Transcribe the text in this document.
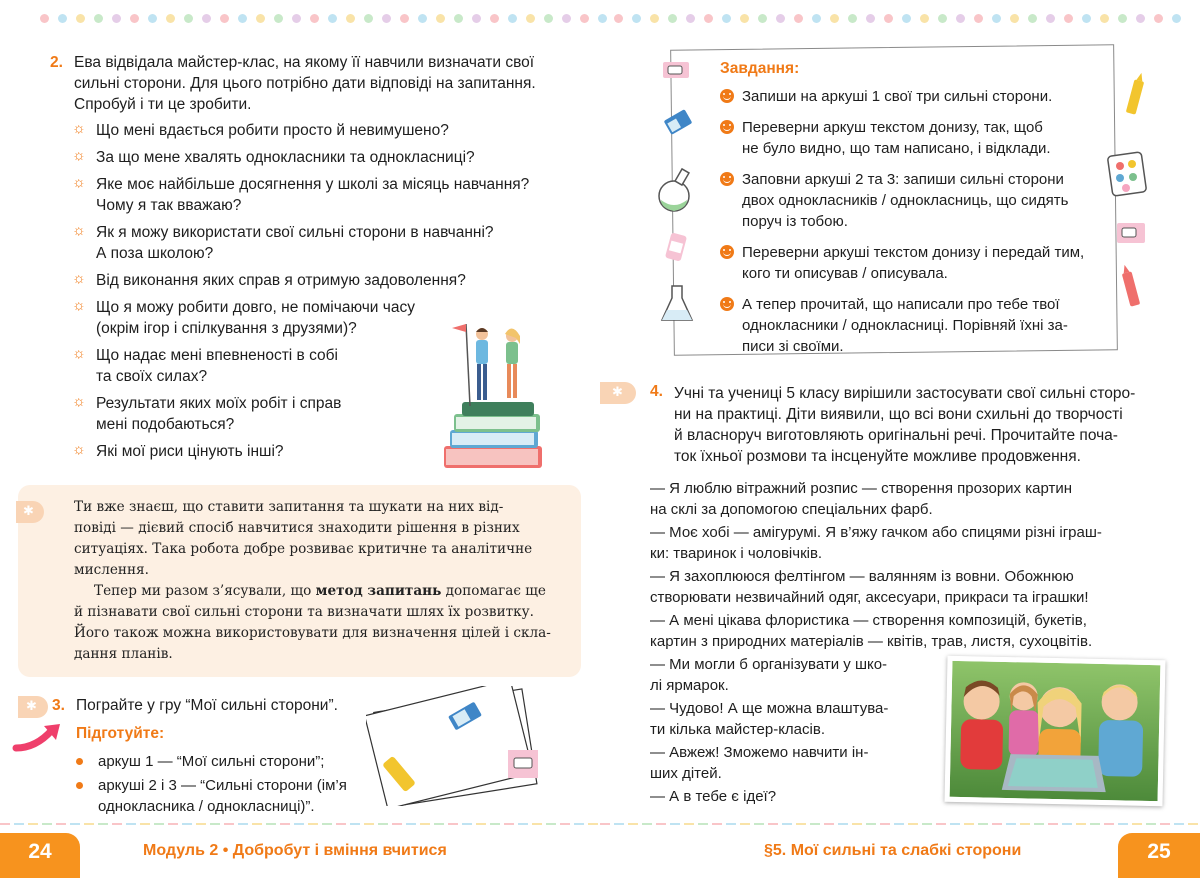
2. Ева відвідала майстер-клас, на якому її навчили визначати свої
сильні сторони. Для цього потрібно дати відповіді на запитання.
Спробуй і ти це зробити.
☼ Що мені вдається робити просто й невимушено?
☼ За що мене хвалять однокласники та однокласниці?
☼ Яке моє найбільше досягнення у школі за місяць навчання?
Чому я так вважаю?
☼ Як я можу використати свої сильні сторони в навчанні?
А поза школою?
☼ Від виконання яких справ я отримую задоволення?
☼ Що я можу робити довго, не помічаючи часу
(окрім ігор і спілкування з друзями)?
☼ Що надає мені впевненості в собі
та своїх силах?
☼ Результати яких моїх робіт і справ
мені подобаються?
☼ Які мої риси цінують інші?
✱	Ти вже знаєш, що ставити запитання та шукати на них від-
повіді — дієвий спосіб навчитися знаходити рішення в різних
ситуаціях. Така робота добре розвиває критичне та аналітичне
мислення.

Тепер ми разом з’ясували, що метод запитань допомагає ще
й пізнавати свої сильні сторони та визначати шлях їх розвитку.
Його також можна використовувати для визначення цілей і скла-
дання планів.

✱ 3. Пограйте у гру “Мої сильні сторони”.
Підготуйте:
аркуш 1 — “Мої сильні сторони”;
аркуші 2 і 3 — “Сильні сторони (ім’я
однокласника / однокласниці)”.
24	Модуль 2 • Добробут і вміння вчитися
Завдання:
Запиши на аркуші 1 свої три сильні сторони.
Переверни аркуш текстом донизу, так, щоб
не було видно, що там написано, і відклади.
Заповни аркуші 2 та 3: запиши сильні сторони
двох однокласників / однокласниць, що сидять
поруч із тобою.
Переверни аркуші текстом донизу і передай тим,
кого ти описував / описувала.
А тепер прочитай, що написали про тебе твої
однокласники / однокласниці. Порівняй їхні за-
писи зі своїми.
✱ 4. Учні та учениці 5 класу вирішили застосувати свої сильні сторо-
ни на практиці. Діти виявили, що всі вони схильні до творчості
й власноруч виготовляють оригінальні речі. Прочитайте почa-
ток їхньої розмови та інсценуйте можливе продовження.
— Я люблю вітражний розпис — створення прозорих картин
на склі за допомогою спеціальних фарб.
— Моє хобі — амігурумі. Я в’яжу гачком або спицями різні іграш-
ки: тваринок і чоловічків.
— Я захоплююся фелтінгом — валянням із вовни. Обожнюю
створювати незвичайний одяг, аксесуари, прикраси та іграшки!
— А мені цікава флористика — створення композицій, букетів,
картин з природних матеріалів — квітів, трав, листя, сухоцвітів.
— Ми могли б організувати у шко-
лі ярмарок.
— Чудово! А ще можна влаштува-
ти кілька майстер-класів.
— Авжеж! Зможемо навчити ін-
ших дітей.
— А в тебе є ідеї?
§5. Мої сильні та слабкі сторони	25
